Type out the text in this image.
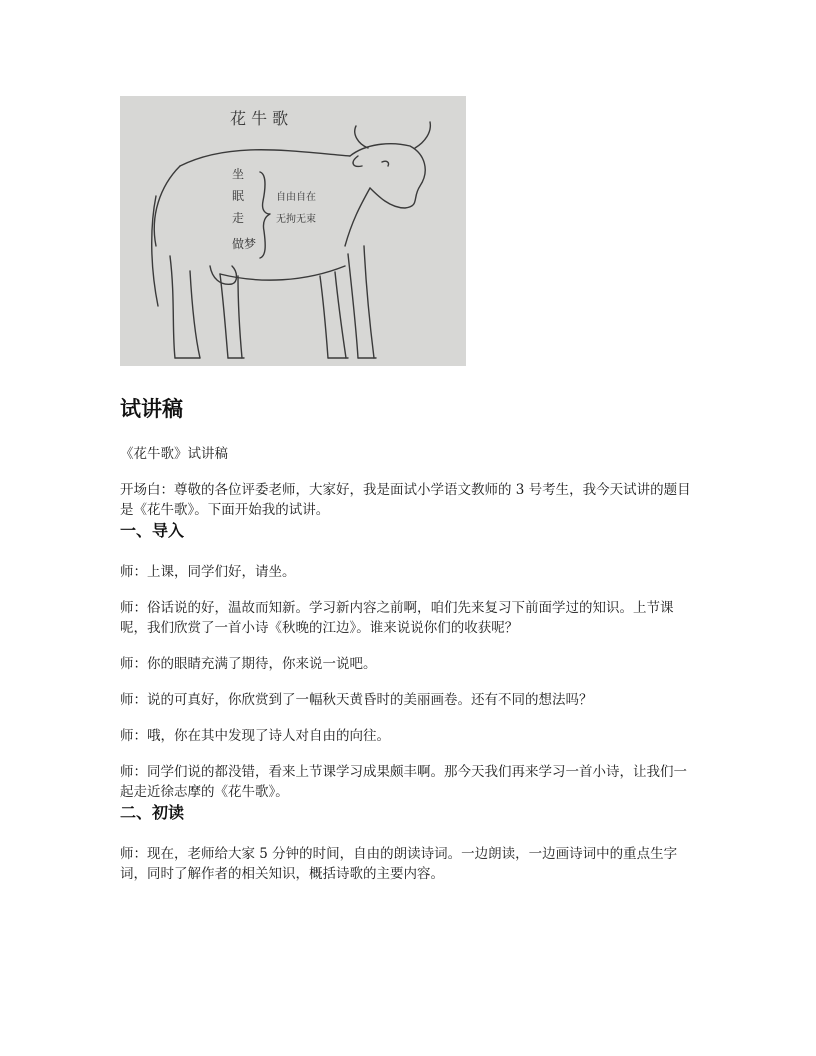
花 牛 歌
坐
眠
走
做梦
自由自在
无拘无束
试讲稿

《花牛歌》试讲稿

开场白：尊敬的各位评委老师，大家好，我是面试小学语文教师的 3 号考生，我今天试讲的题目是《花牛歌》。下面开始我的试讲。

一、导入

师：上课，同学们好，请坐。

师：俗话说的好，温故而知新。学习新内容之前啊，咱们先来复习下前面学过的知识。上节课呢，我们欣赏了一首小诗《秋晚的江边》。谁来说说你们的收获呢？

师：你的眼睛充满了期待，你来说一说吧。

师：说的可真好，你欣赏到了一幅秋天黄昏时的美丽画卷。还有不同的想法吗？

师：哦，你在其中发现了诗人对自由的向往。

师：同学们说的都没错，看来上节课学习成果颇丰啊。那今天我们再来学习一首小诗，让我们一起走近徐志摩的《花牛歌》。

二、初读

师：现在，老师给大家 5 分钟的时间，自由的朗读诗词。一边朗读，一边画诗词中的重点生字词，同时了解作者的相关知识，概括诗歌的主要内容。
